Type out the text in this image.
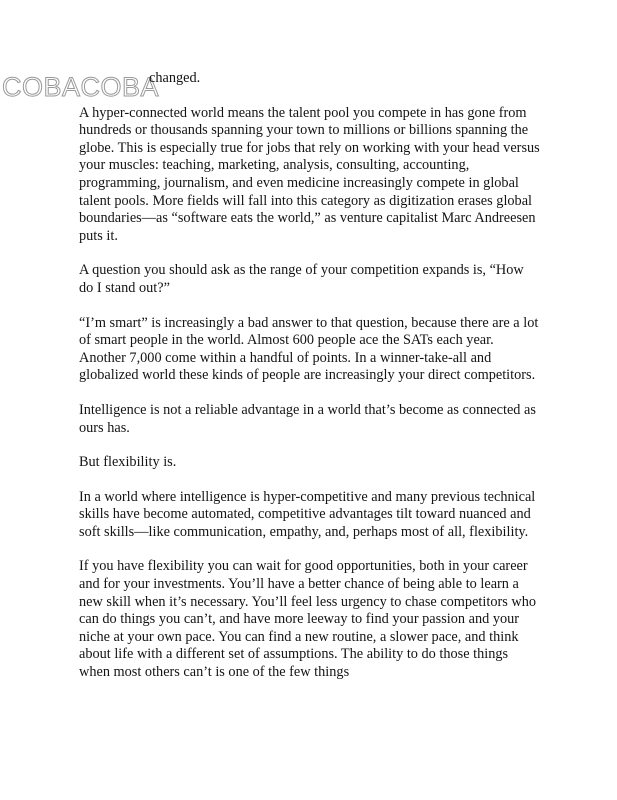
COBACOBA

changed.

A hyper-connected world means the talent pool you compete in has gone from hundreds or thousands spanning your town to millions or billions spanning the globe. This is especially true for jobs that rely on working with your head versus your muscles: teaching, marketing, analysis, consulting, accounting, programming, journalism, and even medicine increasingly compete in global talent pools. More fields will fall into this category as digitization erases global boundaries—as “software eats the world,” as venture capitalist Marc Andreesen puts it.

A question you should ask as the range of your competition expands is, “How do I stand out?”

“I’m smart” is increasingly a bad answer to that question, because there are a lot of smart people in the world. Almost 600 people ace the SATs each year. Another 7,000 come within a handful of points. In a winner-take-all and globalized world these kinds of people are increasingly your direct competitors.

Intelligence is not a reliable advantage in a world that’s become as connected as ours has.

But flexibility is.

In a world where intelligence is hyper-competitive and many previous technical skills have become automated, competitive advantages tilt toward nuanced and soft skills—like communication, empathy, and, perhaps most of all, flexibility.

If you have flexibility you can wait for good opportunities, both in your career and for your investments. You’ll have a better chance of being able to learn a new skill when it’s necessary. You’ll feel less urgency to chase competitors who can do things you can’t, and have more leeway to find your passion and your niche at your own pace. You can find a new routine, a slower pace, and think about life with a different set of assumptions. The ability to do those things when most others can’t is one of the few things
